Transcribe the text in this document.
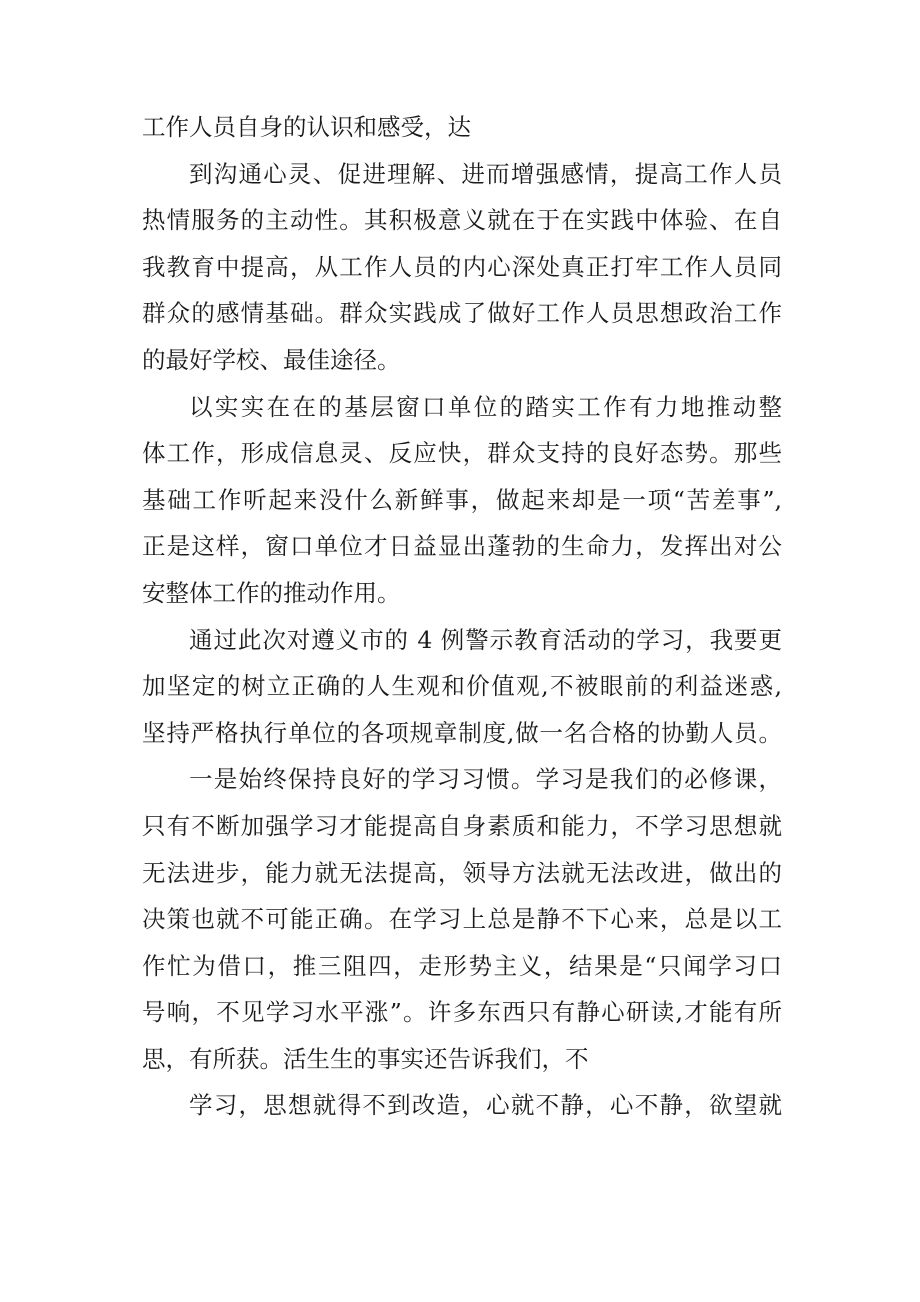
工作人员自身的认识和感受，达
到沟通心灵、促进理解、进而增强感情，提高工作人员
热情服务的主动性。其积极意义就在于在实践中体验、在自
我教育中提高，从工作人员的内心深处真正打牢工作人员同
群众的感情基础。群众实践成了做好工作人员思想政治工作
的最好学校、最佳途径。
以实实在在的基层窗口单位的踏实工作有力地推动整
体工作，形成信息灵、反应快，群众支持的良好态势。那些
基础工作听起来没什么新鲜事，做起来却是一项“苦差事”,
正是这样，窗口单位才日益显出蓬勃的生命力，发挥出对公
安整体工作的推动作用。
通过此次对遵义市的 4 例警示教育活动的学习，我要更
加坚定的树立正确的人生观和价值观,不被眼前的利益迷惑,
坚持严格执行单位的各项规章制度,做一名合格的协勤人员。
一是始终保持良好的学习习惯。学习是我们的必修课，
只有不断加强学习才能提高自身素质和能力，不学习思想就
无法进步，能力就无法提高，领导方法就无法改进，做出的
决策也就不可能正确。在学习上总是静不下心来，总是以工
作忙为借口，推三阻四，走形势主义，结果是“只闻学习口
号响，不见学习水平涨”。许多东西只有静心研读,才能有所
思，有所获。活生生的事实还告诉我们，不
学习，思想就得不到改造，心就不静，心不静，欲望就
